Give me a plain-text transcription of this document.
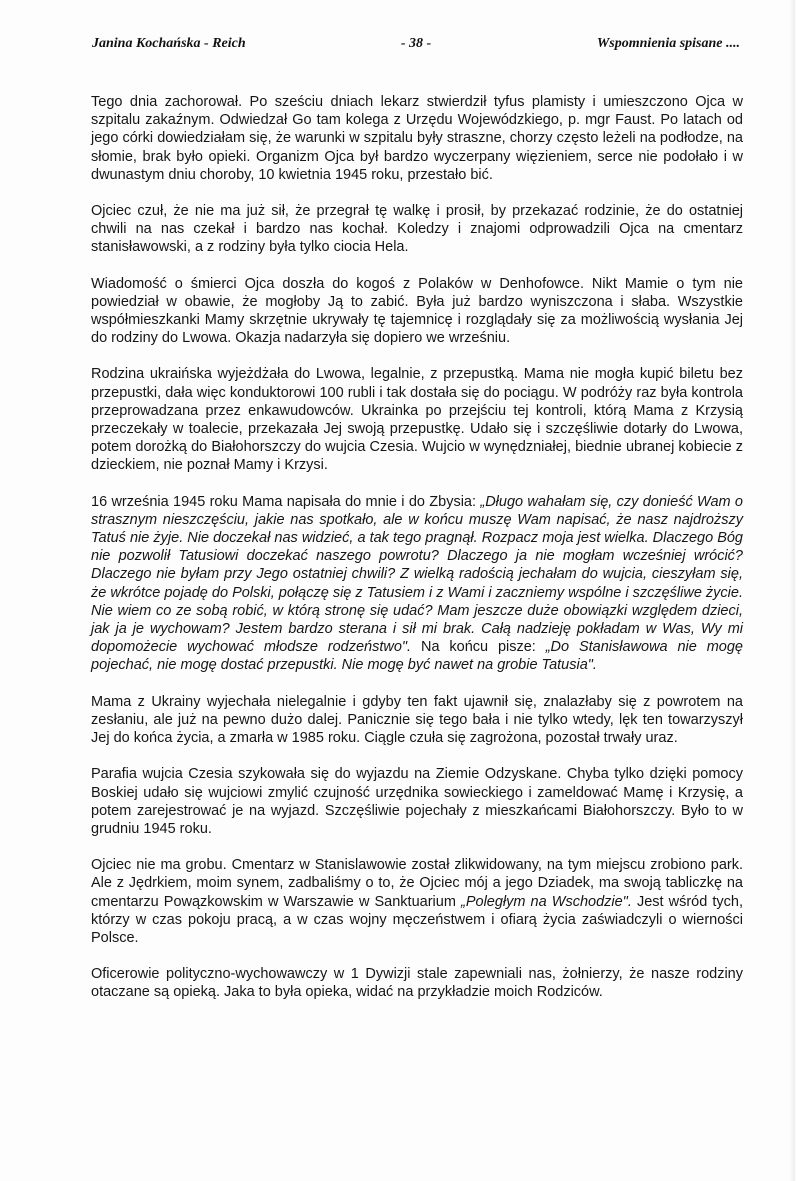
Janina Kochańska - Reich	- 38 -	Wspomnienia spisane ....

Tego dnia zachorował. Po sześciu dniach lekarz stwierdził tyfus plamisty i umieszczono Ojca w szpitalu zakaźnym. Odwiedzał Go tam kolega z Urzędu Wojewódzkiego, p. mgr Faust. Po latach od jego córki dowiedziałam się, że warunki w szpitalu były straszne, chorzy często leżeli na podłodze, na słomie, brak było opieki. Organizm Ojca był bardzo wyczerpany więzieniem, serce nie podołało i w dwunastym dniu choroby, 10 kwietnia 1945 roku, przestało bić.

Ojciec czuł, że nie ma już sił, że przegrał tę walkę i prosił, by przekazać rodzinie, że do ostatniej chwili na nas czekał i bardzo nas kochał. Koledzy i znajomi odprowadzili Ojca na cmentarz stanisławowski, a z rodziny była tylko ciocia Hela.

Wiadomość o śmierci Ojca doszła do kogoś z Polaków w Denhofowce. Nikt Mamie o tym nie powiedział w obawie, że mogłoby Ją to zabić. Była już bardzo wyniszczona i słaba. Wszystkie współmieszkanki Mamy skrzętnie ukrywały tę tajemnicę i rozglądały się za możliwością wysłania Jej do rodziny do Lwowa. Okazja nadarzyła się dopiero we wrześniu.

Rodzina ukraińska wyjeżdżała do Lwowa, legalnie, z przepustką. Mama nie mogła kupić biletu bez przepustki, dała więc konduktorowi 100 rubli i tak dostała się do pociągu. W podróży raz była kontrola przeprowadzana przez enkawudowców. Ukrainka po przejściu tej kontroli, którą Mama z Krzysią przeczekały w toalecie, przekazała Jej swoją przepustkę. Udało się i szczęśliwie dotarły do Lwowa, potem dorożką do Białohorszczy do wujcia Czesia. Wujcio w wynędzniałej, biednie ubranej kobiecie z dzieckiem, nie poznał Mamy i Krzysi.

16 września 1945 roku Mama napisała do mnie i do Zbysia: „Długo wahałam się, czy donieść Wam o strasznym nieszczęściu, jakie nas spotkało, ale w końcu muszę Wam napisać, że nasz najdroższy Tatuś nie żyje. Nie doczekał nas widzieć, a tak tego pragnął. Rozpacz moja jest wielka. Dlaczego Bóg nie pozwolił Tatusiowi doczekać naszego powrotu? Dlaczego ja nie mogłam wcześniej wrócić? Dlaczego nie byłam przy Jego ostatniej chwili? Z wielką radością jechałam do wujcia, cieszyłam się, że wkrótce pojadę do Polski, połączę się z Tatusiem i z Wami i zaczniemy wspólne i szczęśliwe życie. Nie wiem co ze sobą robić, w którą stronę się udać? Mam jeszcze duże obowiązki względem dzieci, jak ja je wychowam? Jestem bardzo sterana i sił mi brak. Całą nadzieję pokładam w Was, Wy mi dopomożecie wychować młodsze rodzeństwo". Na końcu pisze: „Do Stanisławowa nie mogę pojechać, nie mogę dostać przepustki. Nie mogę być nawet na grobie Tatusia".

Mama z Ukrainy wyjechała nielegalnie i gdyby ten fakt ujawnił się, znalazłaby się z powrotem na zesłaniu, ale już na pewno dużo dalej. Panicznie się tego bała i nie tylko wtedy, lęk ten towarzyszył Jej do końca życia, a zmarła w 1985 roku. Ciągle czuła się zagrożona, pozostał trwały uraz.

Parafia wujcia Czesia szykowała się do wyjazdu na Ziemie Odzyskane. Chyba tylko dzięki pomocy Boskiej udało się wujciowi zmylić czujność urzędnika sowieckiego i zameldować Mamę i Krzysię, a potem zarejestrować je na wyjazd. Szczęśliwie pojechały z mieszkańcami Białohorszczy. Było to w grudniu 1945 roku.

Ojciec nie ma grobu. Cmentarz w Stanislawowie został zlikwidowany, na tym miejscu zrobiono park. Ale z Jędrkiem, moim synem, zadbaliśmy o to, że Ojciec mój a jego Dziadek, ma swoją tabliczkę na cmentarzu Powązkowskim w Warszawie w Sanktuarium „Poległym na Wschodzie". Jest wśród tych, którzy w czas pokoju pracą, a w czas wojny męczeństwem i ofiarą życia zaświadczyli o wierności Polsce.

Oficerowie polityczno-wychowawczy w 1 Dywizji stale zapewniali nas, żołnierzy, że nasze rodziny otaczane są opieką. Jaka to była opieka, widać na przykładzie moich Rodziców.
